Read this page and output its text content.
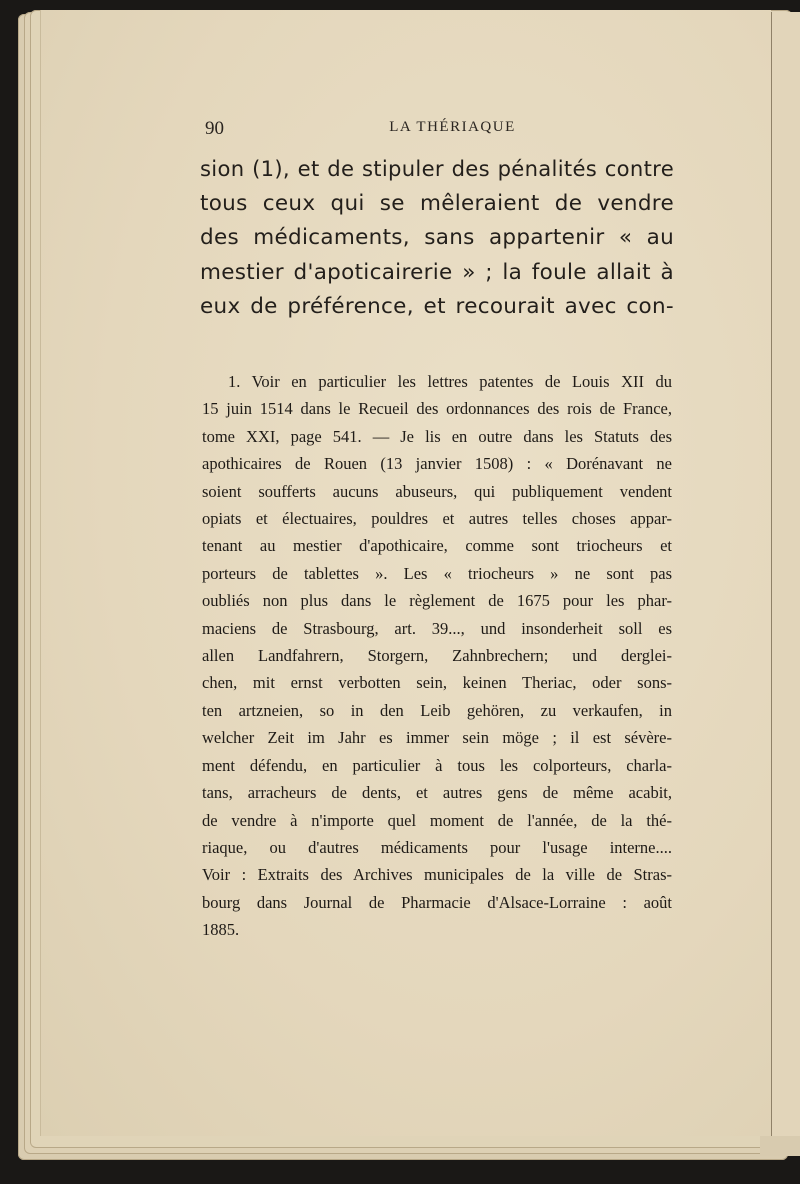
90	LA THÉRIAQUE
sion (1), et de stipuler des pénalités contre
tous ceux qui se mêleraient de vendre
des médicaments, sans appartenir « au
mestier d'apoticairerie » ; la foule allait à
eux de préférence, et recourait avec con-
1. Voir en particulier les lettres patentes de Louis XII du
15 juin 1514 dans le Recueil des ordonnances des rois de France,
tome XXI, page 541. — Je lis en outre dans les Statuts des
apothicaires de Rouen (13 janvier 1508) : « Dorénavant ne
soient soufferts aucuns abuseurs, qui publiquement vendent
opiats et électuaires, pouldres et autres telles choses appar-
tenant au mestier d'apothicaire, comme sont triocheurs et
porteurs de tablettes ». Les « triocheurs » ne sont pas
oubliés non plus dans le règlement de 1675 pour les phar-
maciens de Strasbourg, art. 39..., und insonderheit soll es
allen Landfahrern, Storgern, Zahnbrechern; und derglei-
chen, mit ernst verbotten sein, keinen Theriac, oder sons-
ten artzneien, so in den Leib gehören, zu verkaufen, in
welcher Zeit im Jahr es immer sein möge ; il est sévère-
ment défendu, en particulier à tous les colporteurs, charla-
tans, arracheurs de dents, et autres gens de même acabit,
de vendre à n'importe quel moment de l'année, de la thé-
riaque, ou d'autres médicaments pour l'usage interne....
Voir : Extraits des Archives municipales de la ville de Stras-
bourg dans Journal de Pharmacie d'Alsace-Lorraine : août
1885.
